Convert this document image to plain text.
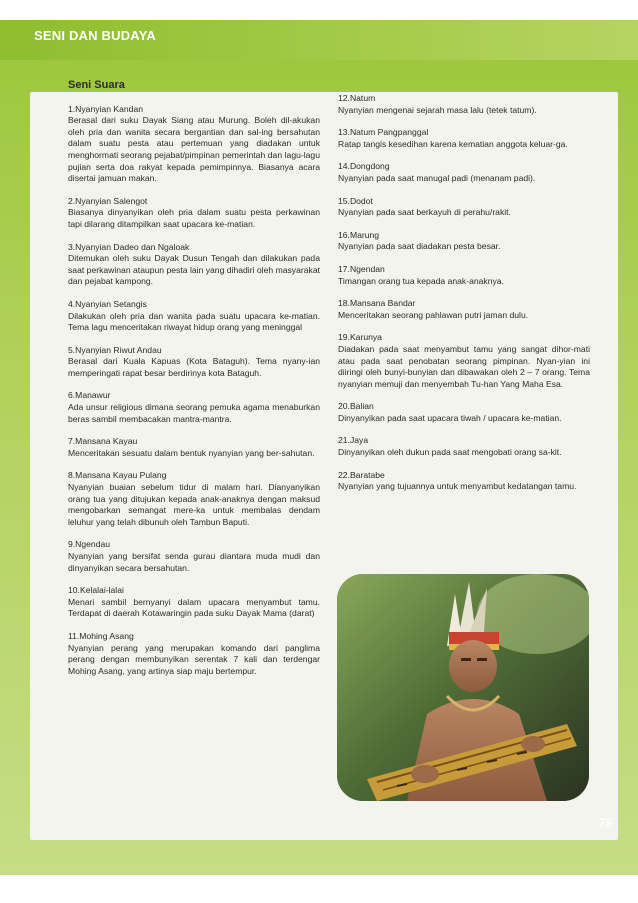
SENI DAN BUDAYA
Seni Suara
1.Nyanyian Kandan
Berasal dari suku Dayak Siang atau Murung. Boleh dil-akukan oleh pria dan wanita secara bergantian dan sal-ing bersahutan dalam suatu pesta atau pertemuan yang diadakan untuk menghormati seorang pejabat/pimpinan pemerintah dan lagu-lagu pujian serta doa rakyat kepada pemimpinnya. Biasanya acara disertai jamuan makan.
2.Nyanyian Salengot
Biasanya dinyanyikan oleh pria dalam suatu pesta perkawinan tapi dilarang ditampilkan saat upacara ke-matian.
3.Nyanyian Dadeo dan Ngaloak
Ditemukan oleh suku Dayak Dusun Tengah dan dilakukan pada saat perkawinan ataupun pesta lain yang dihadiri oleh masyarakat dan pejabat kampong.
4.Nyanyian Setangis
Dilakukan oleh pria dan wanita pada suatu upacara ke-matian. Tema lagu menceritakan riwayat hidup orang yang meninggal
5.Nyanyian Riwut Andau
Berasal dari Kuala Kapuas (Kota Bataguh). Tema nyany-ian memperingati rapat besar berdirinya kota Bataguh.
6.Manawur
Ada unsur religious dimana seorang pemuka agama menaburkan beras sambil membacakan mantra-mantra.
7.Mansana Kayau
Menceritakan sesuatu dalam bentuk nyanyian yang ber-sahutan.
8.Mansana Kayau Pulang
Nyanyian buaian sebelum tidur di malam hari. Dianyanyikan orang tua yang ditujukan kepada anak-anaknya dengan maksud mengobarkan semangat mere-ka untuk membalas dendam leluhur yang telah dibunuh oleh Tambun Baputi.
9.Ngendau
Nyanyian yang bersifat senda gurau diantara muda mudi dan dinyanyikan secara bersahutan.
10.Kelalai-lalai
Menari sambil bernyanyi dalam upacara menyambut tamu. Terdapat di daerah Kotawaringin pada suku Dayak Mama (darat)
11.Mohing Asang
Nyanyian perang yang merupakan komando dari panglima perang dengan membunyikan serentak 7 kali dan terdengar Mohing Asang, yang artinya siap maju bertempur.
12.Natum
Nyanyian mengenai sejarah masa lalu (tetek tatum).
13.Natum Pangpanggal
Ratap tangis kesedihan karena kematian anggota keluar-ga.
14.Dongdong
Nyanyian pada saat manugal padi (menanam padi).
15.Dodot
Nyanyian pada saat berkayuh di perahu/rakit.
16.Marung
Nyanyian pada saat diadakan pesta besar.
17.Ngendan
Timangan orang tua kepada anak-anaknya.
18.Mansana Bandar
Menceritakan seorang pahlawan putri jaman dulu.
19.Karunya
Diadakan pada saat menyambut tamu yang sangat dihor-mati atau pada saat penobatan seorang pimpinan. Nyan-yian ini diiringi oleh bunyi-bunyian dan dibawakan oleh 2 – 7 orang. Tema nyanyian memuji dan menyembah Tu-han Yang Maha Esa.
20.Balian
Dinyanyikan pada saat upacara tiwah / upacara ke-matian.
21.Jaya
Dinyanyikan oleh dukun pada saat mengobati orang sa-kit.
22.Baratabe
Nyanyian yang tujuannya untuk menyambut kedatangan tamu.
75
